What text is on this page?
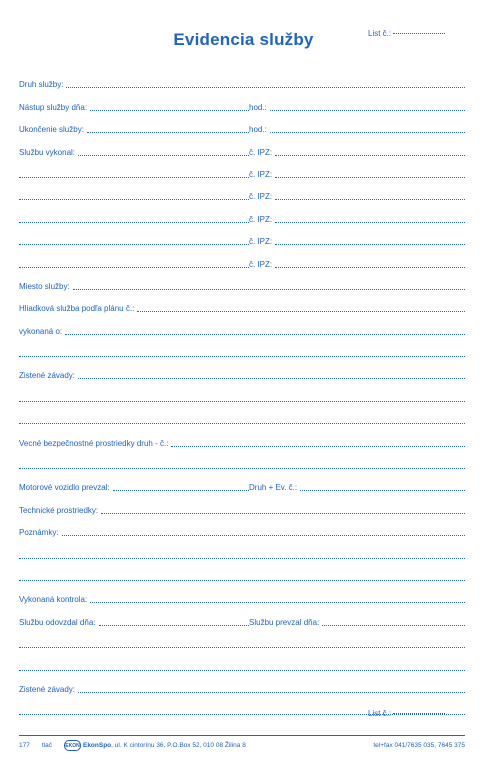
Evidencia služby	List č.:
Druh služby:
Nástup služby dňa:	hod.:
Ukončenie služby:	hod.:
Službu vykonal:	č. IPZ:
č. IPZ:
č. IPZ:
č. IPZ:
č. IPZ:
č. IPZ:
Miesto služby:
Hliadková služba podľa plánu č.:
vykonaná o:
Zistené závady:
Vecné bezpečnostné prostriedky druh - č.:
Motorové vozidlo prevzal:	Druh + Ev. č.:
Technické prostriedky:
Poznámky:
Vykonaná kontrola:
Službu odovzdal dňa:	Službu prevzal dňa:
Zistené závady:
List č.:
177 tlač	EKON EkonSpo , ul. K cintorínu 36, P.O.Box 52, 010 08 Žilina 8	tel+fax 041/7635 035, 7645 375
